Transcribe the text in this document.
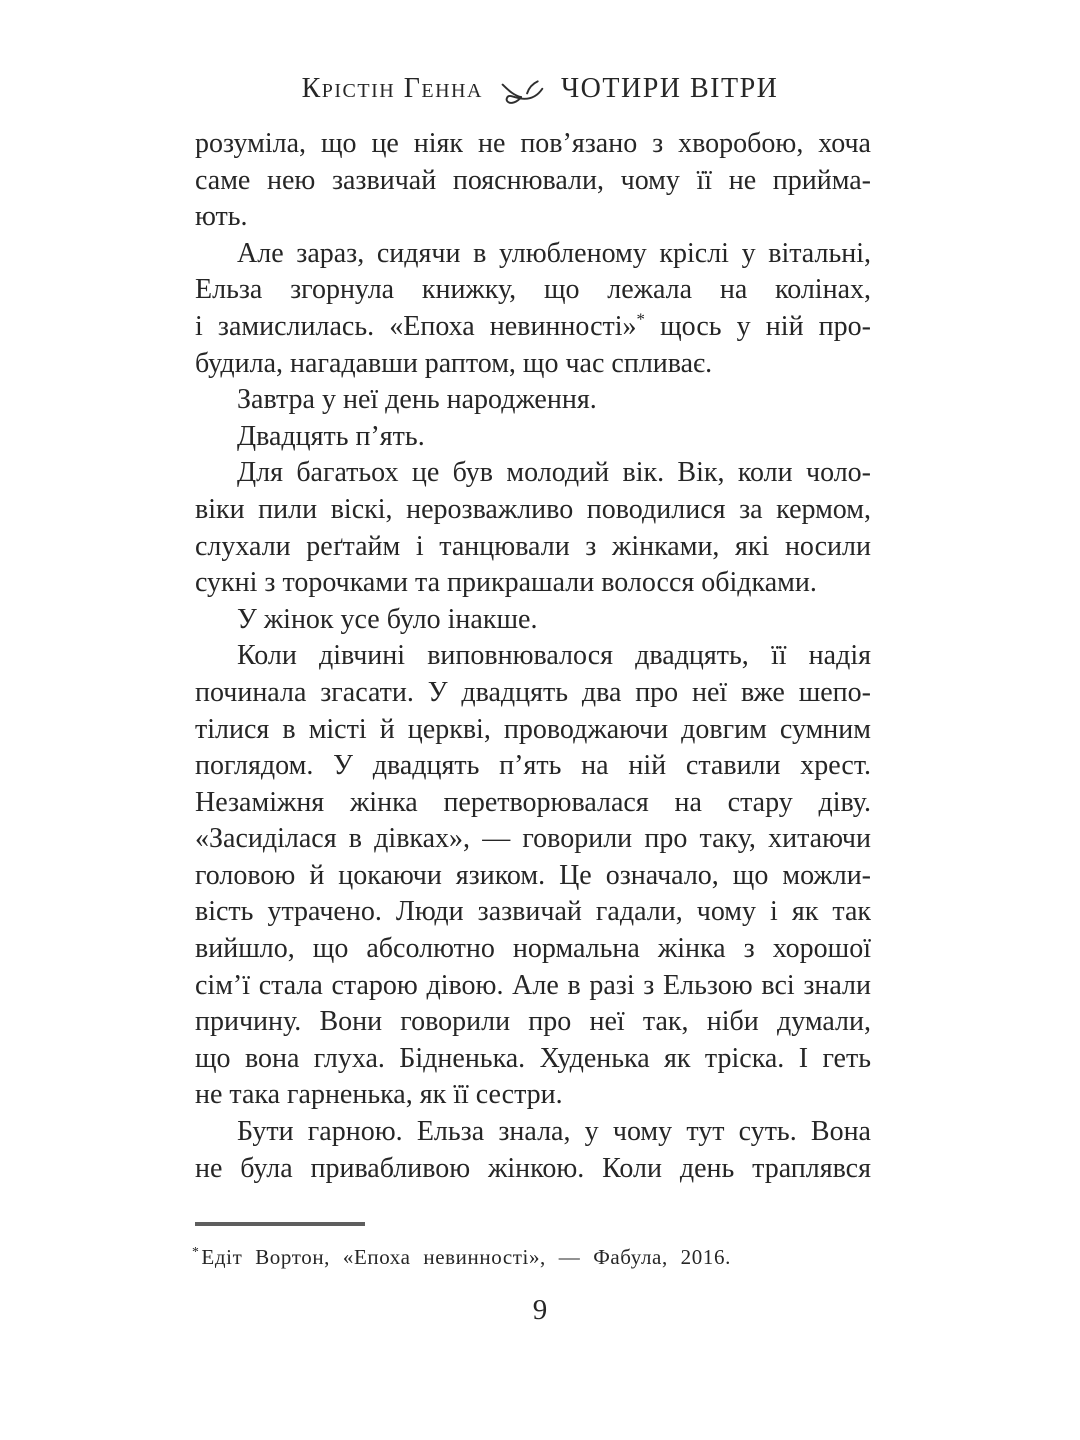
Крістін Генна	ЧОТИРИ ВІТРИ
розуміла, що це ніяк не пов’язано з хворобою, хоча
саме нею зазвичай пояснювали, чому її не прийма-
ють.
Але зараз, сидячи в улюбленому кріслі у вітальні,
Ельза згорнула книжку, що лежала на колінах,
і замислилась. «Епоха невинності»* щось у ній про-
будила, нагадавши раптом, що час спливає.
Завтра у неї день народження.
Двадцять п’ять.
Для багатьох це був молодий вік. Вік, коли чоло-
віки пили віскі, нерозважливо поводилися за кермом,
слухали реґтайм і танцювали з жінками, які носили
сукні з торочками та прикрашали волосся обідками.
У жінок усе було інакше.
Коли дівчині виповнювалося двадцять, її надія
починала згасати. У двадцять два про неї вже шепо-
тілися в місті й церкві, проводжаючи довгим сумним
поглядом. У двадцять п’ять на ній ставили хрест.
Незаміжня жінка перетворювалася на стару діву.
«Засиділася в дівках», — говорили про таку, хитаючи
головою й цокаючи язиком. Це означало, що можли-
вість утрачено. Люди зазвичай гадали, чому і як так
вийшло, що абсолютно нормальна жінка з хорошої
сім’ї стала старою дівою. Але в разі з Ельзою всі знали
причину. Вони говорили про неї так, ніби думали,
що вона глуха. Бідненька. Худенька як тріска. І геть
не така гарненька, як її сестри.
Бути гарною. Ельза знала, у чому тут суть. Вона
не була привабливою жінкою. Коли день траплявся
*Едіт Вортон, «Епоха невинності», — Фабула, 2016.
9
